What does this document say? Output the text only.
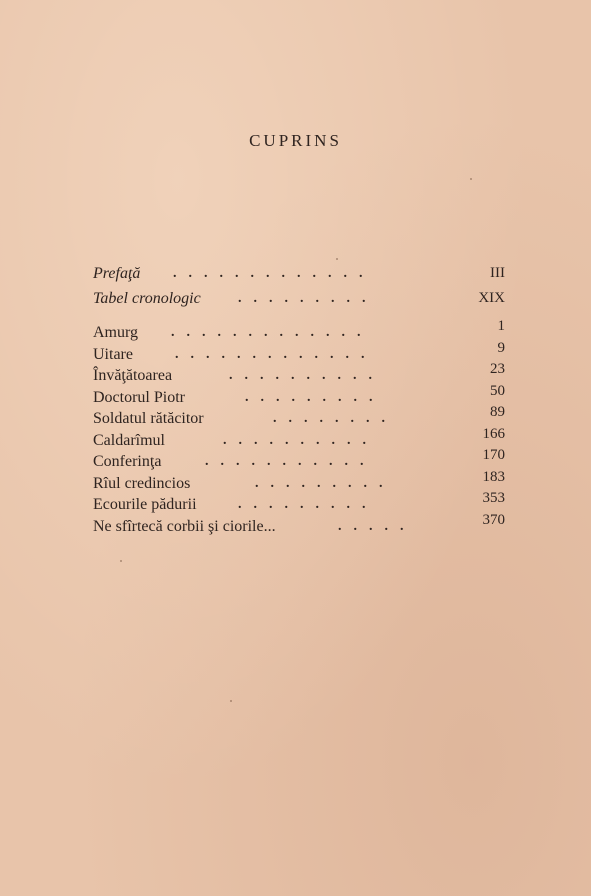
CUPRINS
Prefaţă .............	III
Tabel cronologic	.........	XIX
Amurg .............	1
Uitare	.............	9
Învăţătoarea	..........	23
Doctorul Piotr	.........	50
Soldatul rătăcitor	........	89
Caldarîmul	..........	166
Conferinţa	...........	170
Rîul credincios	.........	183
Ecourile pădurii	.........	353
Ne sfîrtecă corbii şi ciorile...	.....	370
